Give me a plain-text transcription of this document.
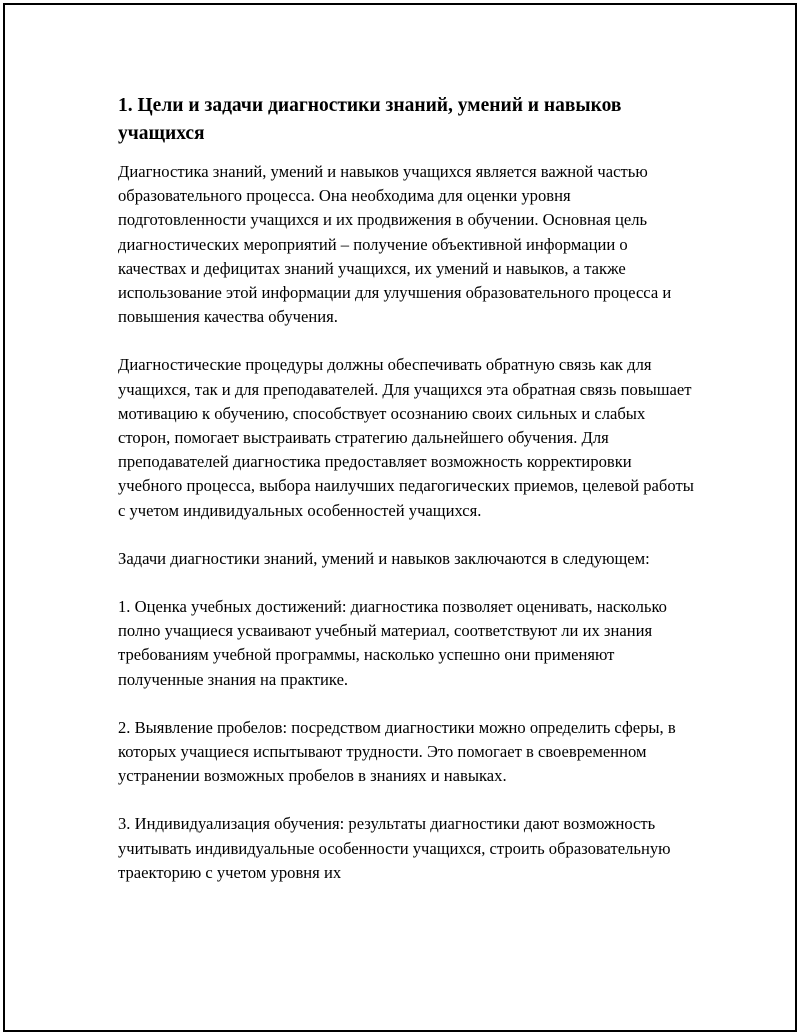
1. Цели и задачи диагностики знаний, умений и навыков учащихся

Диагностика знаний, умений и навыков учащихся является важной частью образовательного процесса. Она необходима для оценки уровня подготовленности учащихся и их продвижения в обучении. Основная цель диагностических мероприятий – получение объективной информации о качествах и дефицитах знаний учащихся, их умений и навыков, а также использование этой информации для улучшения образовательного процесса и повышения качества обучения.

Диагностические процедуры должны обеспечивать обратную связь как для учащихся, так и для преподавателей. Для учащихся эта обратная связь повышает мотивацию к обучению, способствует осознанию своих сильных и слабых сторон, помогает выстраивать стратегию дальнейшего обучения. Для преподавателей диагностика предоставляет возможность корректировки учебного процесса, выбора наилучших педагогических приемов, целевой работы с учетом индивидуальных особенностей учащихся.

Задачи диагностики знаний, умений и навыков заключаются в следующем:

1. Оценка учебных достижений: диагностика позволяет оценивать, насколько полно учащиеся усваивают учебный материал, соответствуют ли их знания требованиям учебной программы, насколько успешно они применяют полученные знания на практике.

2. Выявление пробелов: посредством диагностики можно определить сферы, в которых учащиеся испытывают трудности. Это помогает в своевременном устранении возможных пробелов в знаниях и навыках.

3. Индивидуализация обучения: результаты диагностики дают возможность учитывать индивидуальные особенности учащихся, строить образовательную траекторию с учетом уровня их
